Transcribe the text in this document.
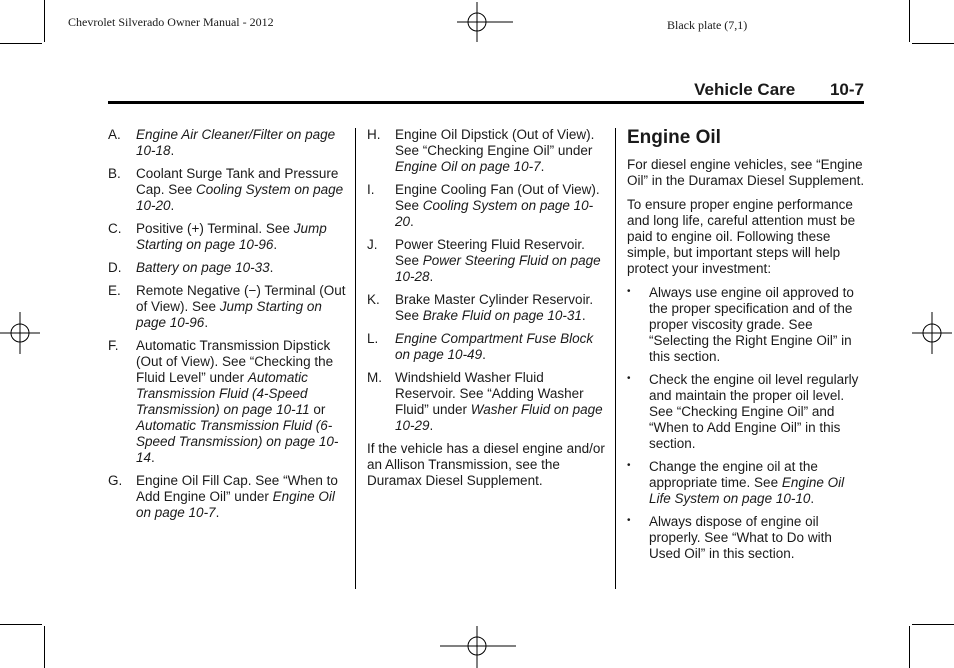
Chevrolet Silverado Owner Manual - 2012	Black plate (7,1)
Vehicle Care 10-7
A.	Engine Air Cleaner/Filter on page 10-18.
B.	Coolant Surge Tank and Pressure Cap. See Cooling System on page 10-20.
C.	Positive (+) Terminal. See Jump Starting on page 10-96.
D.	Battery on page 10-33.
E.	Remote Negative (−) Terminal (Out of View). See Jump Starting on page 10-96.
F.	Automatic Transmission Dipstick (Out of View). See “Checking the Fluid Level” under Automatic Transmission Fluid (4-Speed Transmission) on page 10-11 or Automatic Transmission Fluid (6-Speed Transmission) on page 10-14.
G.	Engine Oil Fill Cap. See “When to Add Engine Oil” under Engine Oil on page 10-7.
H.	Engine Oil Dipstick (Out of View). See “Checking Engine Oil” under Engine Oil on page 10-7.
I.	Engine Cooling Fan (Out of View). See Cooling System on page 10-20.
J.	Power Steering Fluid Reservoir. See Power Steering Fluid on page 10-28.
K.	Brake Master Cylinder Reservoir. See Brake Fluid on page 10-31.
L.	Engine Compartment Fuse Block on page 10-49.
M. Windshield Washer Fluid Reservoir. See “Adding Washer Fluid” under Washer Fluid on page 10-29.

If the vehicle has a diesel engine and/or an Allison Transmission, see the Duramax Diesel Supplement.

Engine Oil

For diesel engine vehicles, see “Engine Oil” in the Duramax Diesel Supplement.

To ensure proper engine performance and long life, careful attention must be paid to engine oil. Following these simple, but important steps will help protect your investment:

•	Always use engine oil approved to the proper specification and of the proper viscosity grade. See “Selecting the Right Engine Oil” in this section.
•	Check the engine oil level regularly and maintain the proper oil level. See “Checking Engine Oil” and “When to Add Engine Oil” in this section.
•	Change the engine oil at the appropriate time. See Engine Oil Life System on page 10-10.
•	Always dispose of engine oil properly. See “What to Do with Used Oil” in this section.
